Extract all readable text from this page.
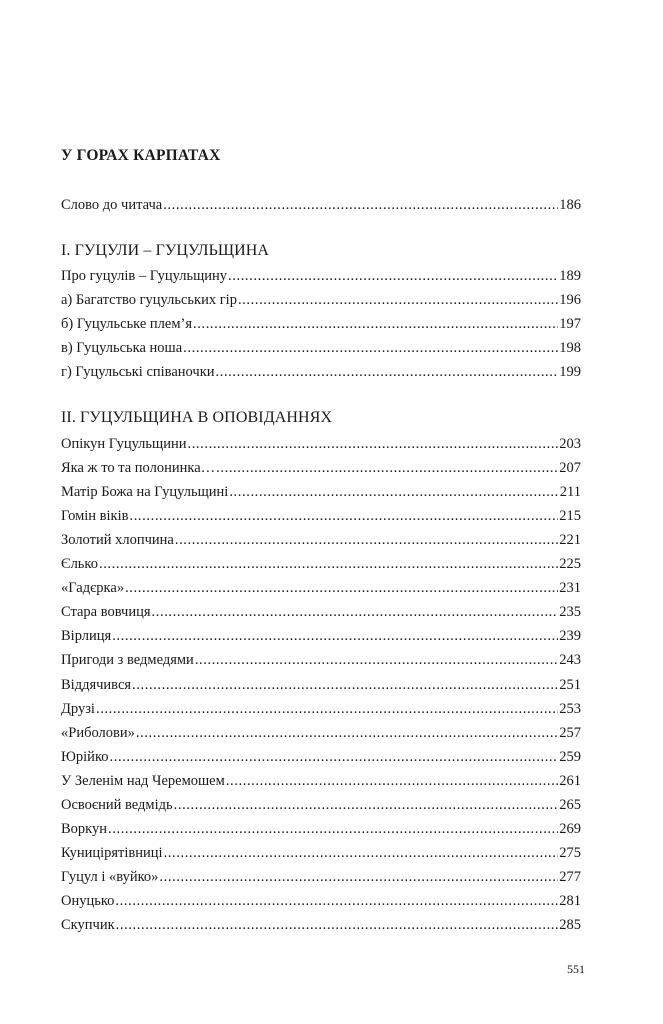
У ГОРАХ КАРПАТАХ
Слово до читача .....	186
І. ГУЦУЛИ – ГУЦУЛЬЩИНА
Про гуцулів – Гуцульщину .....	189
а) Багатство гуцульських гір .....	196
б) Гуцульське плем’я .....	197
в) Гуцульська ноша .....	198
г) Гуцульські співаночки .....	199
ІІ. ГУЦУЛЬЩИНА В ОПОВІДАННЯХ
Опікун Гуцульщини .....	203
Яка ж то та полонинка… .....	207
Матір Божа на Гуцульщині .....	211
Гомін віків .....	215
Золотий хлопчина .....	221
Єлько .....	225
«Гадєрка» .....	231
Стара вовчиця .....	235
Вірлиця .....	239
Пригоди з ведмедями .....	243
Віддячився .....	251
Друзі .....	253
«Риболови» .....	257
Юрійко .....	259
У Зеленім над Черемошем .....	261
Освоєний ведмідь .....	265
Воркун .....	269
Куницірятівниці .....	275
Гуцул і «вуйко» .....	277
Онуцько .....	281
Скупчик .....	285
551
